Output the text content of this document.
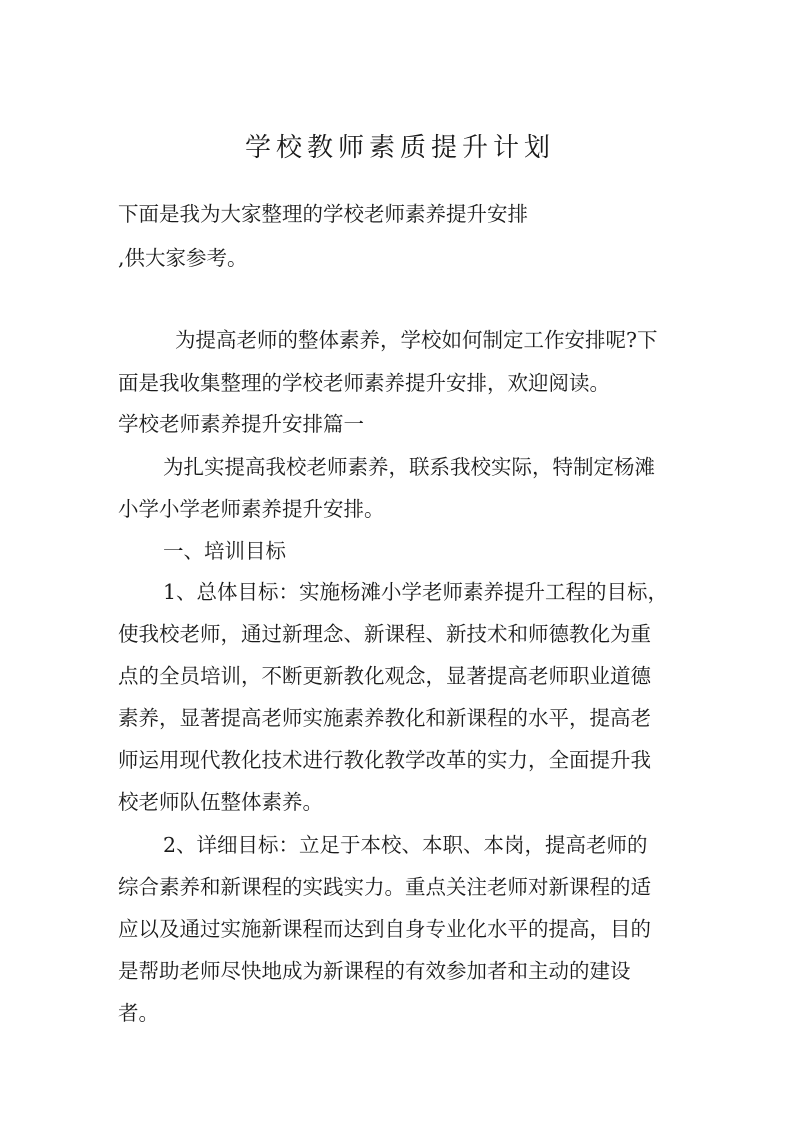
学校教师素质提升计划
下面是我为大家整理的学校老师素养提升安排
,供大家参考。
为提高老师的整体素养，学校如何制定工作安排呢?下
面是我收集整理的学校老师素养提升安排，欢迎阅读。
学校老师素养提升安排篇一
为扎实提高我校老师素养，联系我校实际，特制定杨滩
小学小学老师素养提升安排。
一、培训目标
1、总体目标：实施杨滩小学老师素养提升工程的目标，
使我校老师，通过新理念、新课程、新技术和师德教化为重
点的全员培训，不断更新教化观念，显著提高老师职业道德
素养，显著提高老师实施素养教化和新课程的水平，提高老
师运用现代教化技术进行教化教学改革的实力，全面提升我
校老师队伍整体素养。
2、详细目标：立足于本校、本职、本岗，提高老师的
综合素养和新课程的实践实力。重点关注老师对新课程的适
应以及通过实施新课程而达到自身专业化水平的提高，目的
是帮助老师尽快地成为新课程的有效参加者和主动的建设
者。
